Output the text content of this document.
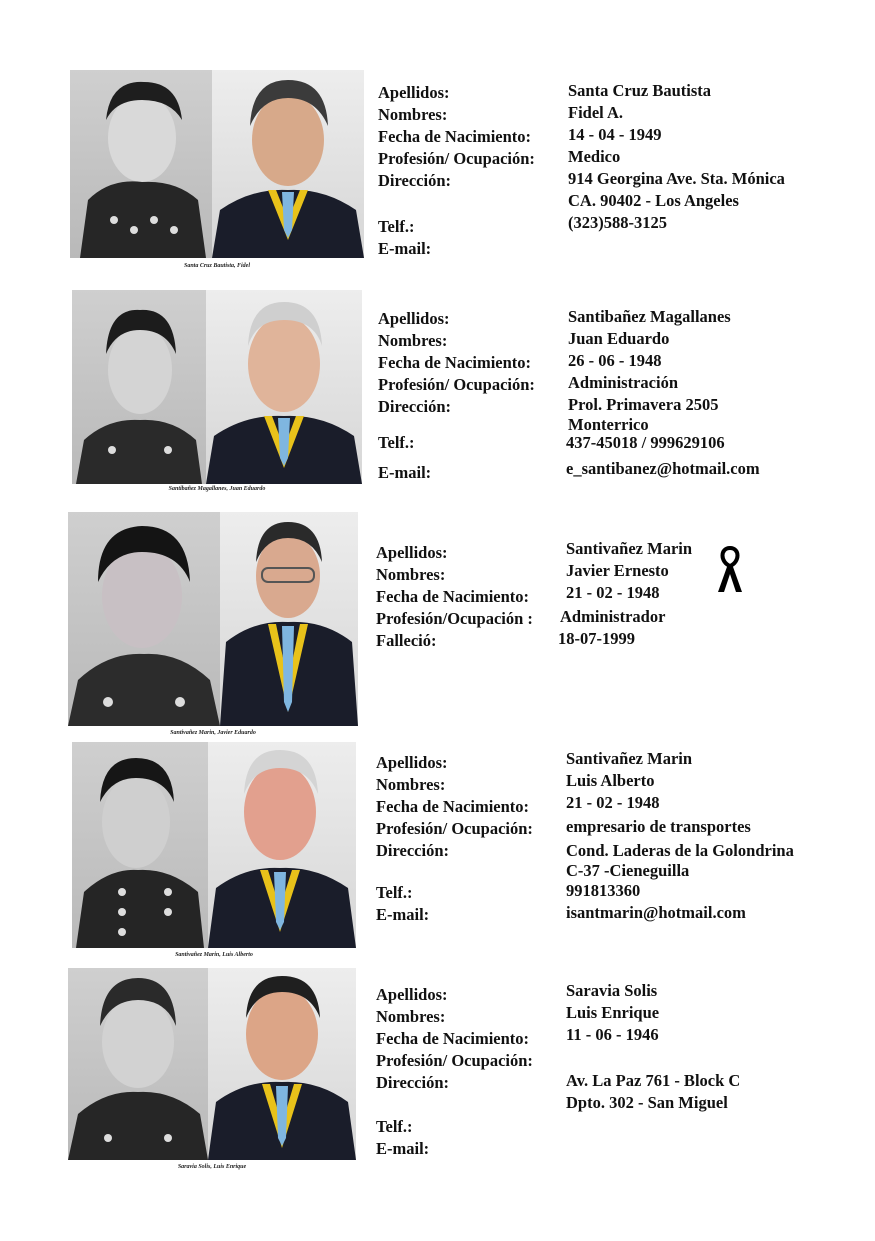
Santa Cruz Bautista, Fidel
Apellidos:
Nombres:
Fecha de Nacimiento:
Profesión/ Ocupación:
Dirección:
Telf.:
E-mail:
Santa Cruz Bautista
Fidel A.
14 - 04 - 1949
Medico
914 Georgina Ave. Sta. Mónica
CA. 90402 - Los Angeles
(323)588-3125
Santibañez Magallanes, Juan Eduardo
Apellidos:
Nombres:
Fecha de Nacimiento:
Profesión/ Ocupación:
Dirección:
Telf.:
E-mail:
Santibañez Magallanes
Juan Eduardo
26 - 06 - 1948
Administración
Prol. Primavera 2505
Monterrico
437-45018 / 999629106
e_santibanez@hotmail.com
Santivañez Marin, Javier Eduardo
Apellidos:
Nombres:
Fecha de Nacimiento:
Profesión/Ocupación :
Falleció:
Santivañez Marin
Javier Ernesto
21 - 02 - 1948
Administrador
18-07-1999
Santivañez Marin, Luis Alberto
Apellidos:
Nombres:
Fecha de Nacimiento:
Profesión/ Ocupación:
Dirección:
Telf.:
E-mail:
Santivañez Marin
Luis Alberto
21 - 02 - 1948
empresario de transportes
Cond. Laderas de la Golondrina
C-37 -Cieneguilla
991813360
isantmarin@hotmail.com
Saravia Solis, Luis Enrique
Apellidos:
Nombres:
Fecha de Nacimiento:
Profesión/ Ocupación:
Dirección:
Telf.:
E-mail:
Saravia Solis
Luis Enrique
11 - 06 - 1946
Av. La Paz 761 - Block C
Dpto. 302 - San Miguel
